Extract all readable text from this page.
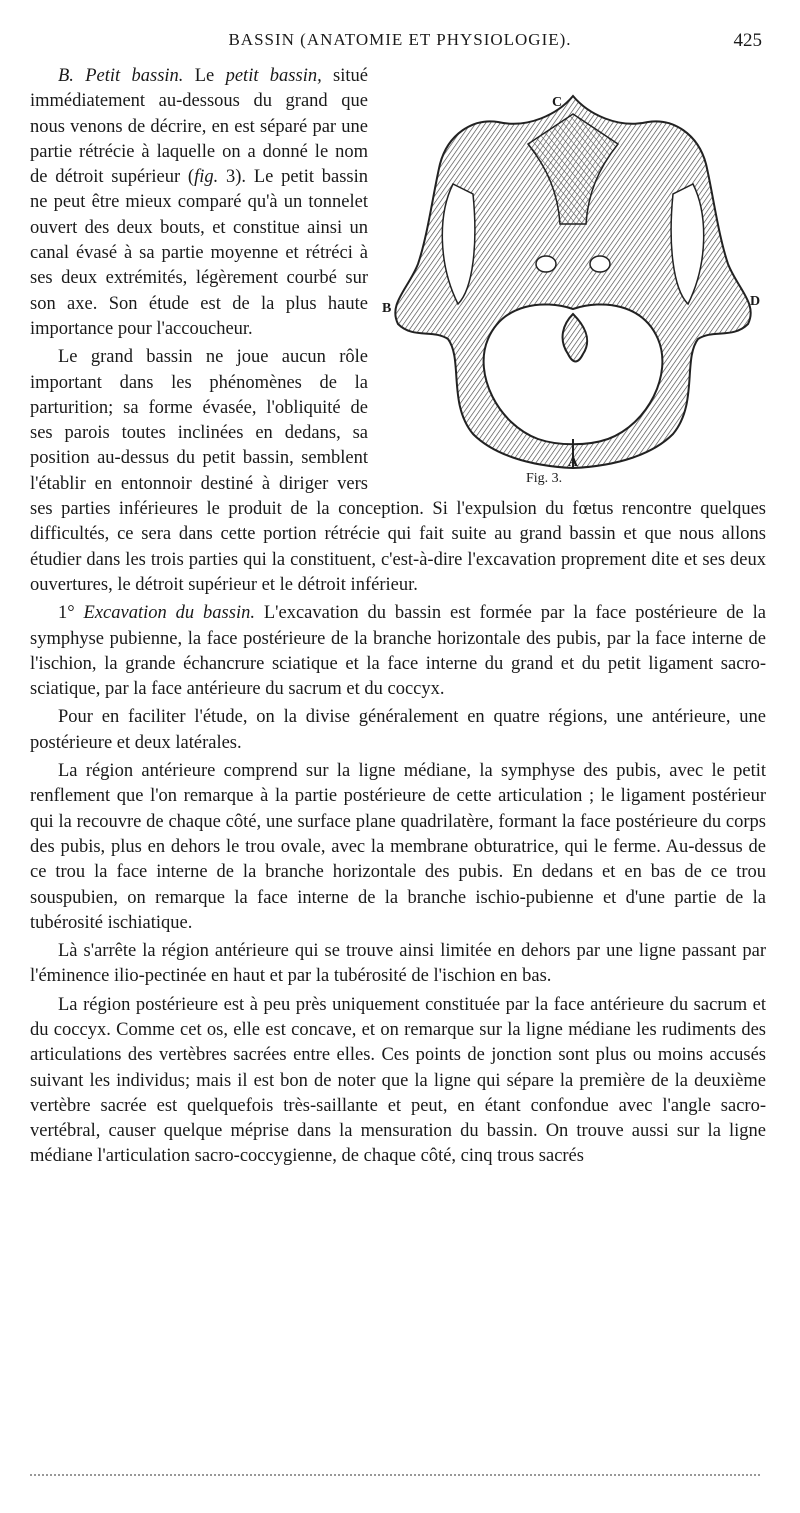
BASSIN (ANATOMIE ET PHYSIOLOGIE).	425
C
B	D
A
Fig. 3.

B. Petit bassin. Le petit bassin, situé immédiatement au-dessous du grand que nous venons de décrire, en est séparé par une partie rétrécie à laquelle on a donné le nom de détroit supérieur (fig. 3). Le petit bassin ne peut être mieux comparé qu'à un tonnelet ouvert des deux bouts, et constitue ainsi un canal évasé à sa partie moyenne et rétréci à ses deux extrémités, légèrement courbé sur son axe. Son étude est de la plus haute importance pour l'accoucheur.

Le grand bassin ne joue aucun rôle important dans les phénomènes de la parturition; sa forme évasée, l'obliquité de ses parois toutes inclinées en dedans, sa position au-dessus du petit bassin, semblent l'établir en entonnoir destiné à diriger vers ses parties inférieures le produit de la conception. Si l'expulsion du fœtus rencontre quelques difficultés, ce sera dans cette portion rétrécie qui fait suite au grand bassin et que nous allons étudier dans les trois parties qui la constituent, c'est-à-dire l'excavation proprement dite et ses deux ouvertures, le détroit supérieur et le détroit inférieur.

1° Excavation du bassin. L'excavation du bassin est formée par la face postérieure de la symphyse pubienne, la face postérieure de la branche horizontale des pubis, par la face interne de l'ischion, la grande échancrure sciatique et la face interne du grand et du petit ligament sacro-sciatique, par la face antérieure du sacrum et du coccyx.

Pour en faciliter l'étude, on la divise généralement en quatre régions, une antérieure, une postérieure et deux latérales.

La région antérieure comprend sur la ligne médiane, la symphyse des pubis, avec le petit renflement que l'on remarque à la partie postérieure de cette articulation ; le ligament postérieur qui la recouvre de chaque côté, une surface plane quadrilatère, formant la face postérieure du corps des pubis, plus en dehors le trou ovale, avec la membrane obturatrice, qui le ferme. Au-dessus de ce trou la face interne de la branche horizontale des pubis. En dedans et en bas de ce trou souspubien, on remarque la face interne de la branche ischio-pubienne et d'une partie de la tubérosité ischiatique.

Là s'arrête la région antérieure qui se trouve ainsi limitée en dehors par une ligne passant par l'éminence ilio-pectinée en haut et par la tubérosité de l'ischion en bas.

La région postérieure est à peu près uniquement constituée par la face antérieure du sacrum et du coccyx. Comme cet os, elle est concave, et on remarque sur la ligne médiane les rudiments des articulations des vertèbres sacrées entre elles. Ces points de jonction sont plus ou moins accusés suivant les individus; mais il est bon de noter que la ligne qui sépare la première de la deuxième vertèbre sacrée est quelquefois très-saillante et peut, en étant confondue avec l'angle sacro-vertébral, causer quelque méprise dans la mensuration du bassin. On trouve aussi sur la ligne médiane l'articulation sacro-coccygienne, de chaque côté, cinq trous sacrés
